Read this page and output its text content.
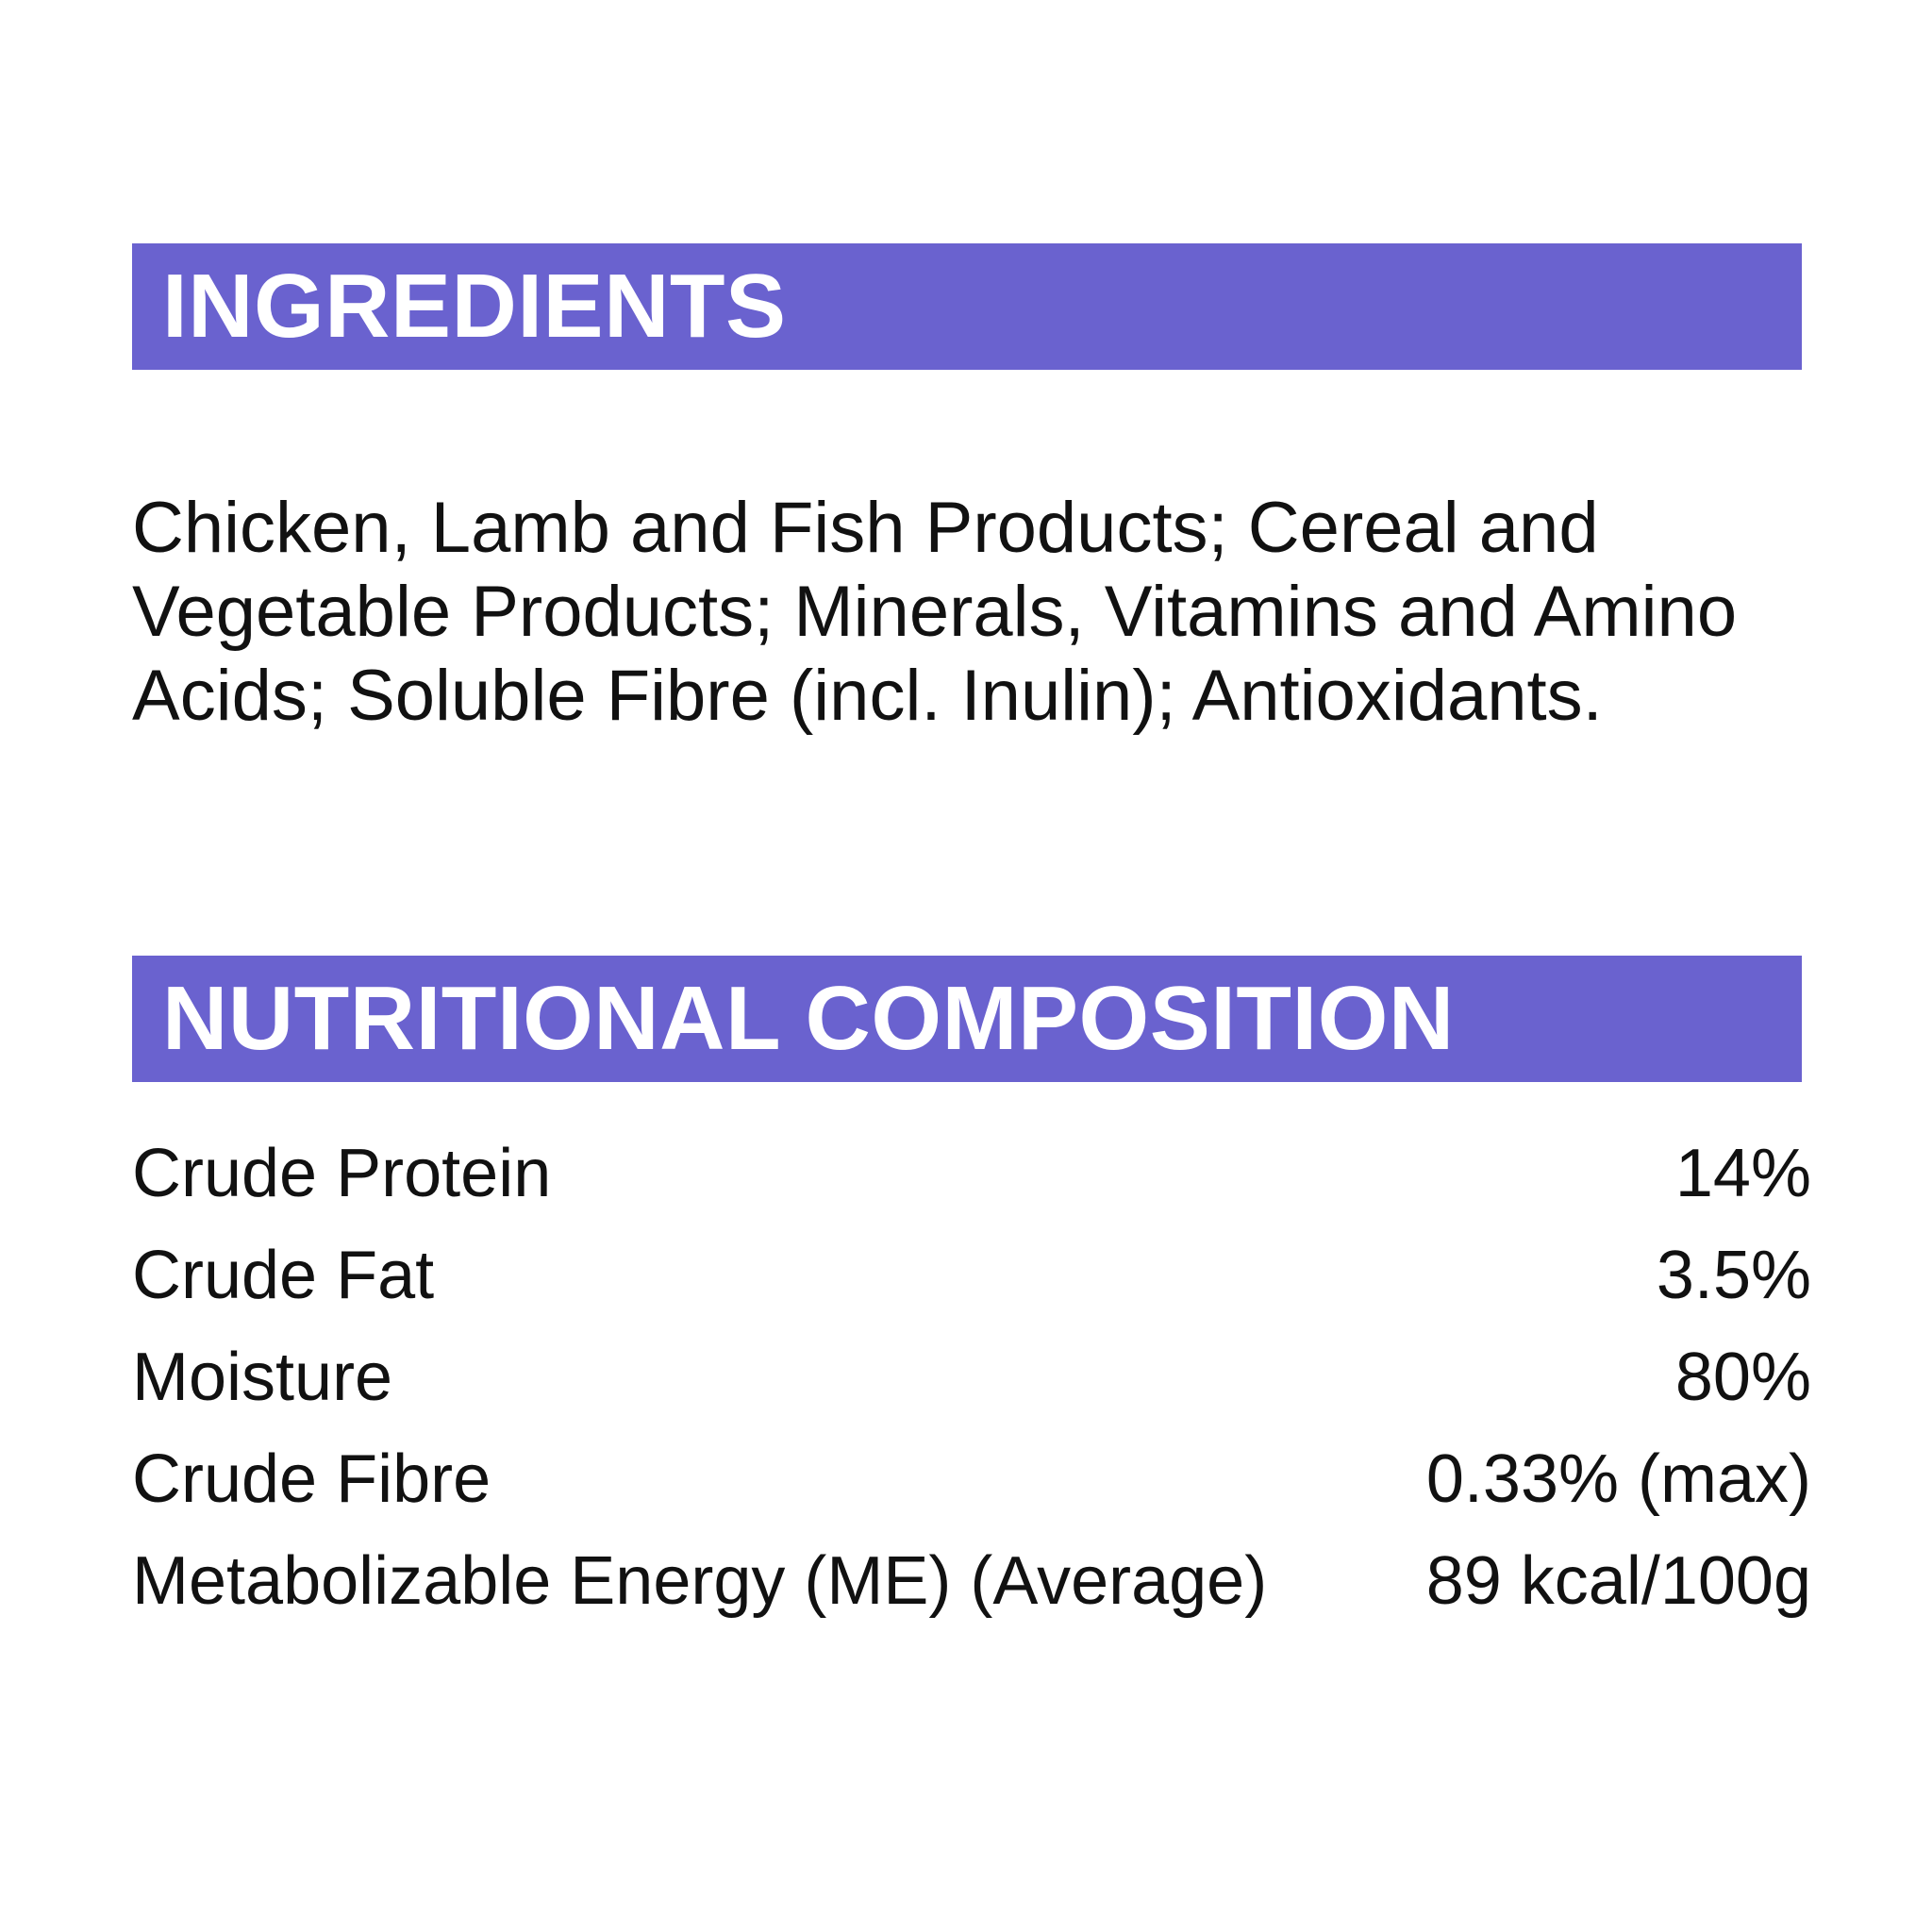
INGREDIENTS

Chicken, Lamb and Fish Products; Cereal and Vegetable Products; Minerals, Vitamins and Amino Acids; Soluble Fibre (incl. Inulin); Antioxidants.

NUTRITIONAL COMPOSITION
Crude Protein	14%
Crude Fat	3.5%
Moisture	80%
Crude Fibre	0.33% (max)
Metabolizable Energy (ME) (Average)	89 kcal/100g
